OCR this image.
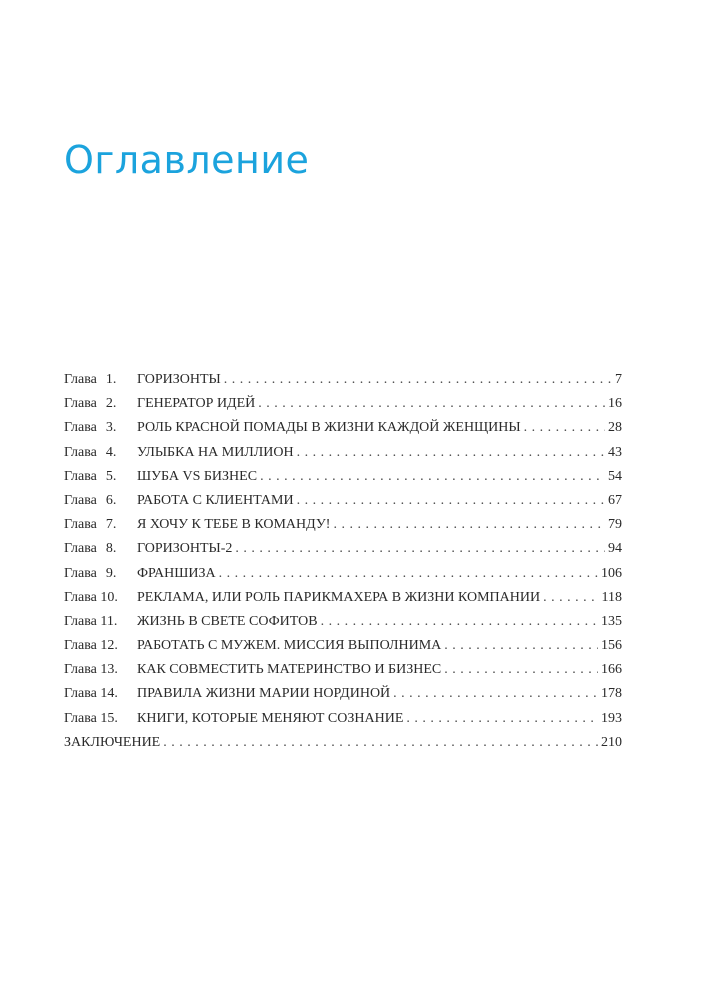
Оглавление
Глава 1.	ГОРИЗОНТЫ . . .	7
Глава 2.	ГЕНЕРАТОР ИДЕЙ . . .	16
Глава 3.	РОЛЬ КРАСНОЙ ПОМАДЫ В ЖИЗНИ КАЖДОЙ ЖЕНЩИНЫ . . .	28
Глава 4.	УЛЫБКА НА МИЛЛИОН . . .	43
Глава 5.	ШУБА VS БИЗНЕС . . .	54
Глава 6.	РАБОТА С КЛИЕНТАМИ . . .	67
Глава 7.	Я ХОЧУ К ТЕБЕ В КОМАНДУ! . . .	79
Глава 8.	ГОРИЗОНТЫ-2 . . .	94
Глава 9.	ФРАНШИЗА . . .	106
Глава 10.	РЕКЛАМА, ИЛИ РОЛЬ ПАРИКМАХЕРА В ЖИЗНИ КОМПАНИИ . . .	118
Глава 11.	ЖИЗНЬ В СВЕТЕ СОФИТОВ . . .	135
Глава 12.	РАБОТАТЬ С МУЖЕМ. МИССИЯ ВЫПОЛНИМА . . .	156
Глава 13.	КАК СОВМЕСТИТЬ МАТЕРИНСТВО И БИЗНЕС . . .	166
Глава 14.	ПРАВИЛА ЖИЗНИ МАРИИ НОРДИНОЙ . . .	178
Глава 15.	КНИГИ, КОТОРЫЕ МЕНЯЮТ СОЗНАНИЕ . . .	193
ЗАКЛЮЧЕНИЕ . . .	210
